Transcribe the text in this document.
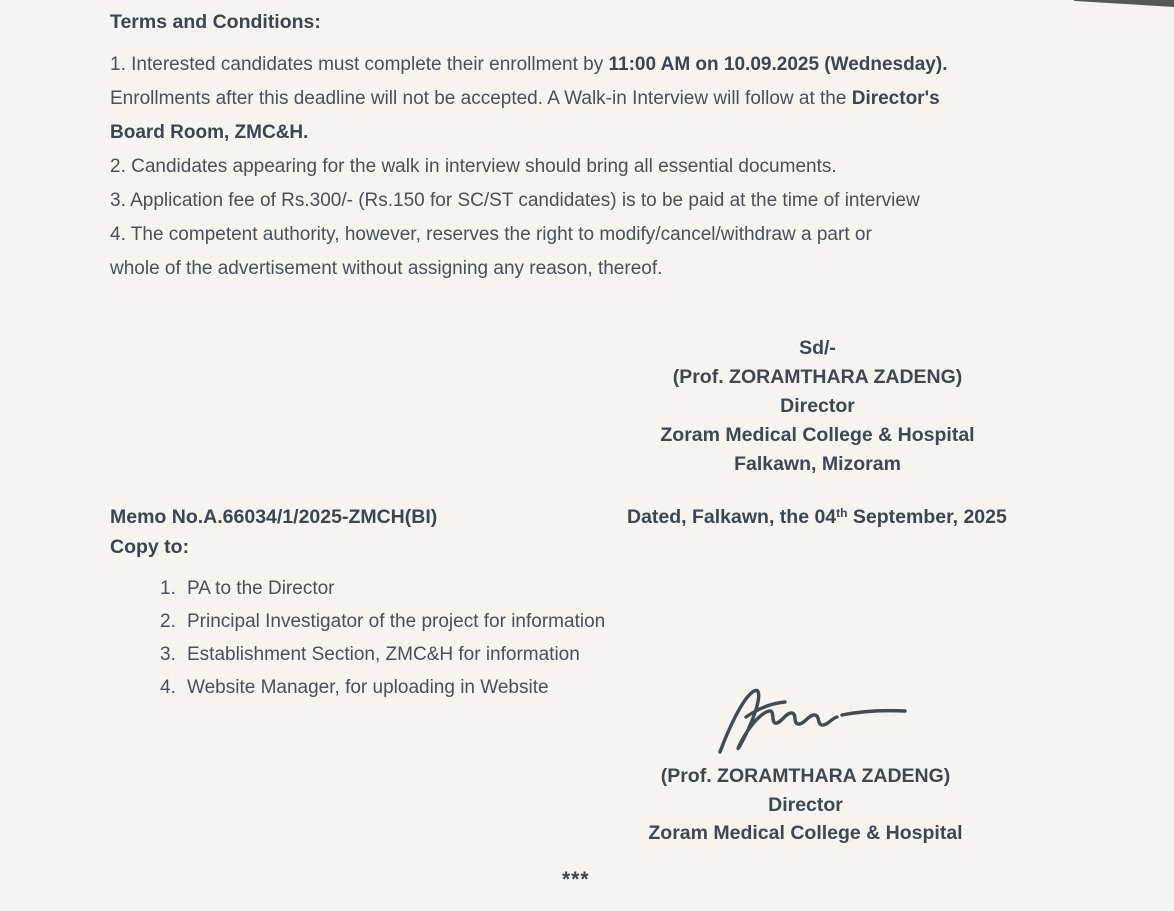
Terms and Conditions:
1. Interested candidates must complete their enrollment by 11:00 AM on 10.09.2025 (Wednesday).
Enrollments after this deadline will not be accepted. A Walk-in Interview will follow at the Director's
Board Room, ZMC&H.
2. Candidates appearing for the walk in interview should bring all essential documents.
3. Application fee of Rs.300/- (Rs.150 for SC/ST candidates) is to be paid at the time of interview
4. The competent authority, however, reserves the right to modify/cancel/withdraw a part or
whole of the advertisement without assigning any reason, thereof.
Sd/-
(Prof. ZORAMTHARA ZADENG)
Director
Zoram Medical College & Hospital
Falkawn, Mizoram
Memo No.A.66034/1/2025-ZMCH(BI)	Dated, Falkawn, the 04th September, 2025
Copy to:
1. PA to the Director
2. Principal Investigator of the project for information
3. Establishment Section, ZMC&H for information
4. Website Manager, for uploading in Website
(Prof. ZORAMTHARA ZADENG)
Director
Zoram Medical College & Hospital
***
